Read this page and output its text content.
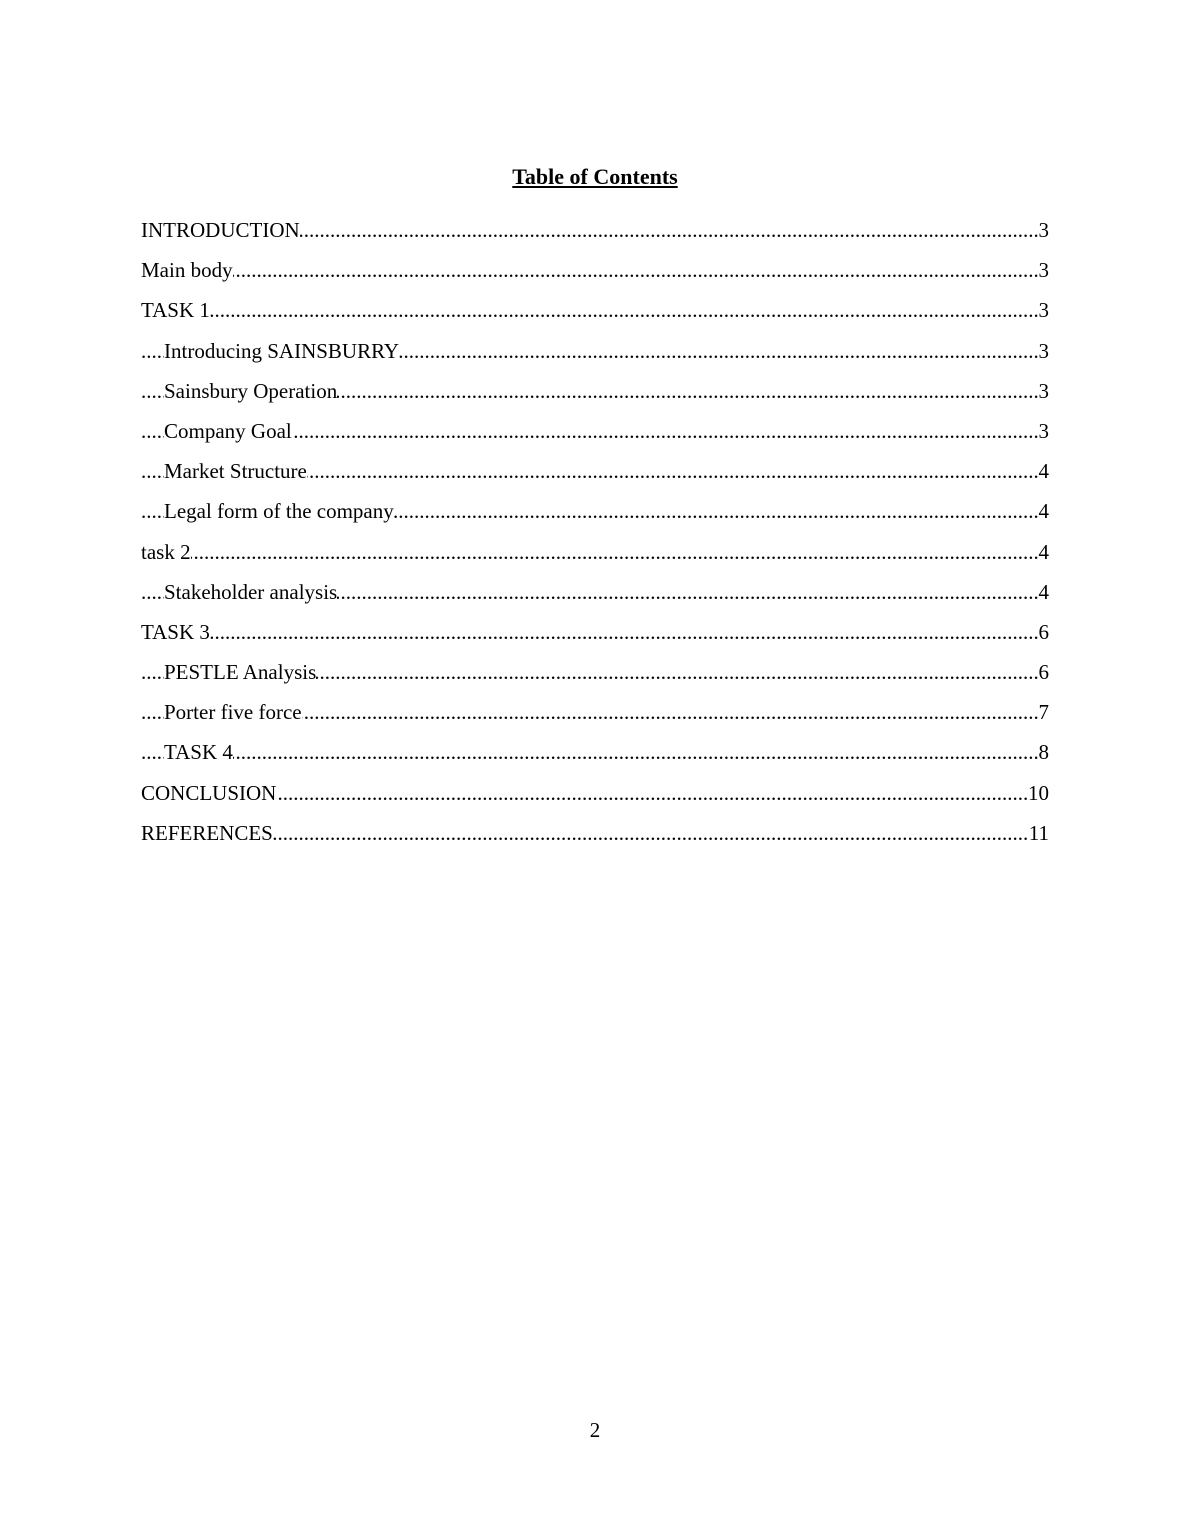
Table of Contents
.....
INTRODUCTION	3
.....
Main body	3
.....
TASK 1	3
.....
Introducing SAINSBURRY	3
.....
Sainsbury Operation	3
.....
Company Goal	3
.....
Market Structure	4
.....
Legal form of the company	4
.....
task 2	4
.....
Stakeholder analysis	4
.....
TASK 3	6
.....
PESTLE Analysis	6
.....
Porter five force	7
.....
TASK 4	8
.....
CONCLUSION	10
.....
REFERENCES	11
2
